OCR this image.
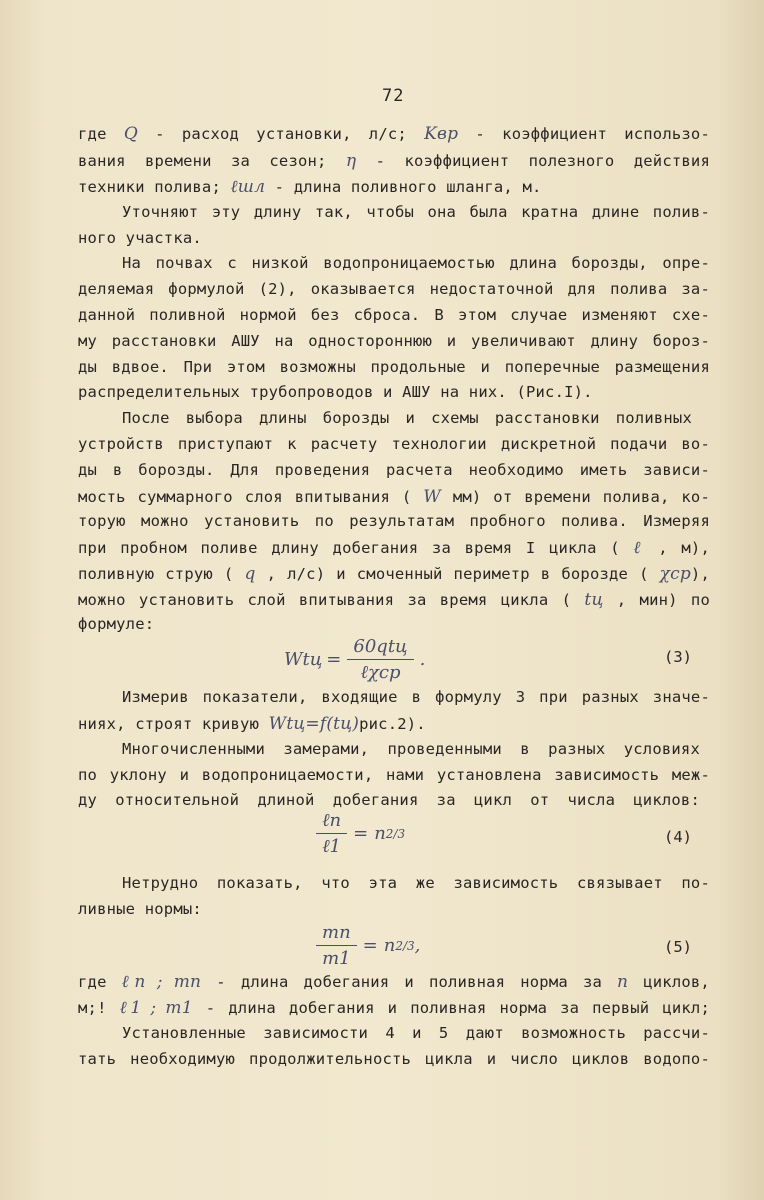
72
где Q - расход установки, л/с; Kвр - коэффициент использо-
вания времени за сезон; η - коэффициент полезного действия
техники полива; ℓшл - длина поливного шланга, м.
Уточняют эту длину так, чтобы она была кратна длине полив-
ного участка.
На почвах с низкой водопроницаемостью длина борозды, опре-
деляемая формулой (2), оказывается недостаточной для полива за-
данной поливной нормой без сброса. В этом случае изменяют схе-
му расстановки АШУ на одностороннюю и увеличивают длину бороз-
ды вдвое. При этом возможны продольные и поперечные размещения
распределительных трубопроводов и АШУ на них. (Рис.I).
После выбора длины борозды и схемы расстановки поливных
устройств приступают к расчету технологии дискретной подачи во-
ды в борозды. Для проведения расчета необходимо иметь зависи-
мость суммарного слоя впитывания ( W мм) от времени полива, ко-
торую можно установить по результатам пробного полива. Измеряя
при пробном поливе длину добегания за время I цикла ( ℓ , м),
поливную струю ( q , л/с) и смоченный периметр в борозде ( χср),
можно установить слой впитывания за время цикла ( tц , мин) по
формуле:
Wtц = $\frac{\text{60qtц}}{\text{ℓχср}}$ .	(3)
Измерив показатели, входящие в формулу 3 при разных значе-
ниях, строят кривую Wtц=f(tц)рис.2).
Многочисленными замерами, проведенными в разных условиях
по уклону и водопроницаемости, нами установлена зависимость меж-
ду относительной длиной добегания за цикл от числа циклов:
$\frac{\text{ℓn}}{\text{ℓ1}} = n$ 2/3	(4)
Нетрудно показать, что эта же зависимость связывает по-
ливные нормы:
$\frac{mn}{m1} = n$ 2/3 ,	(5)
где ℓn ; mn - длина добегания и поливная норма за n циклов,
м;! ℓ1 ; m1 - длина добегания и поливная норма за первый цикл;
Установленные зависимости 4 и 5 дают возможность рассчи-
тать необходимую продолжительность цикла и число циклов водопо-
